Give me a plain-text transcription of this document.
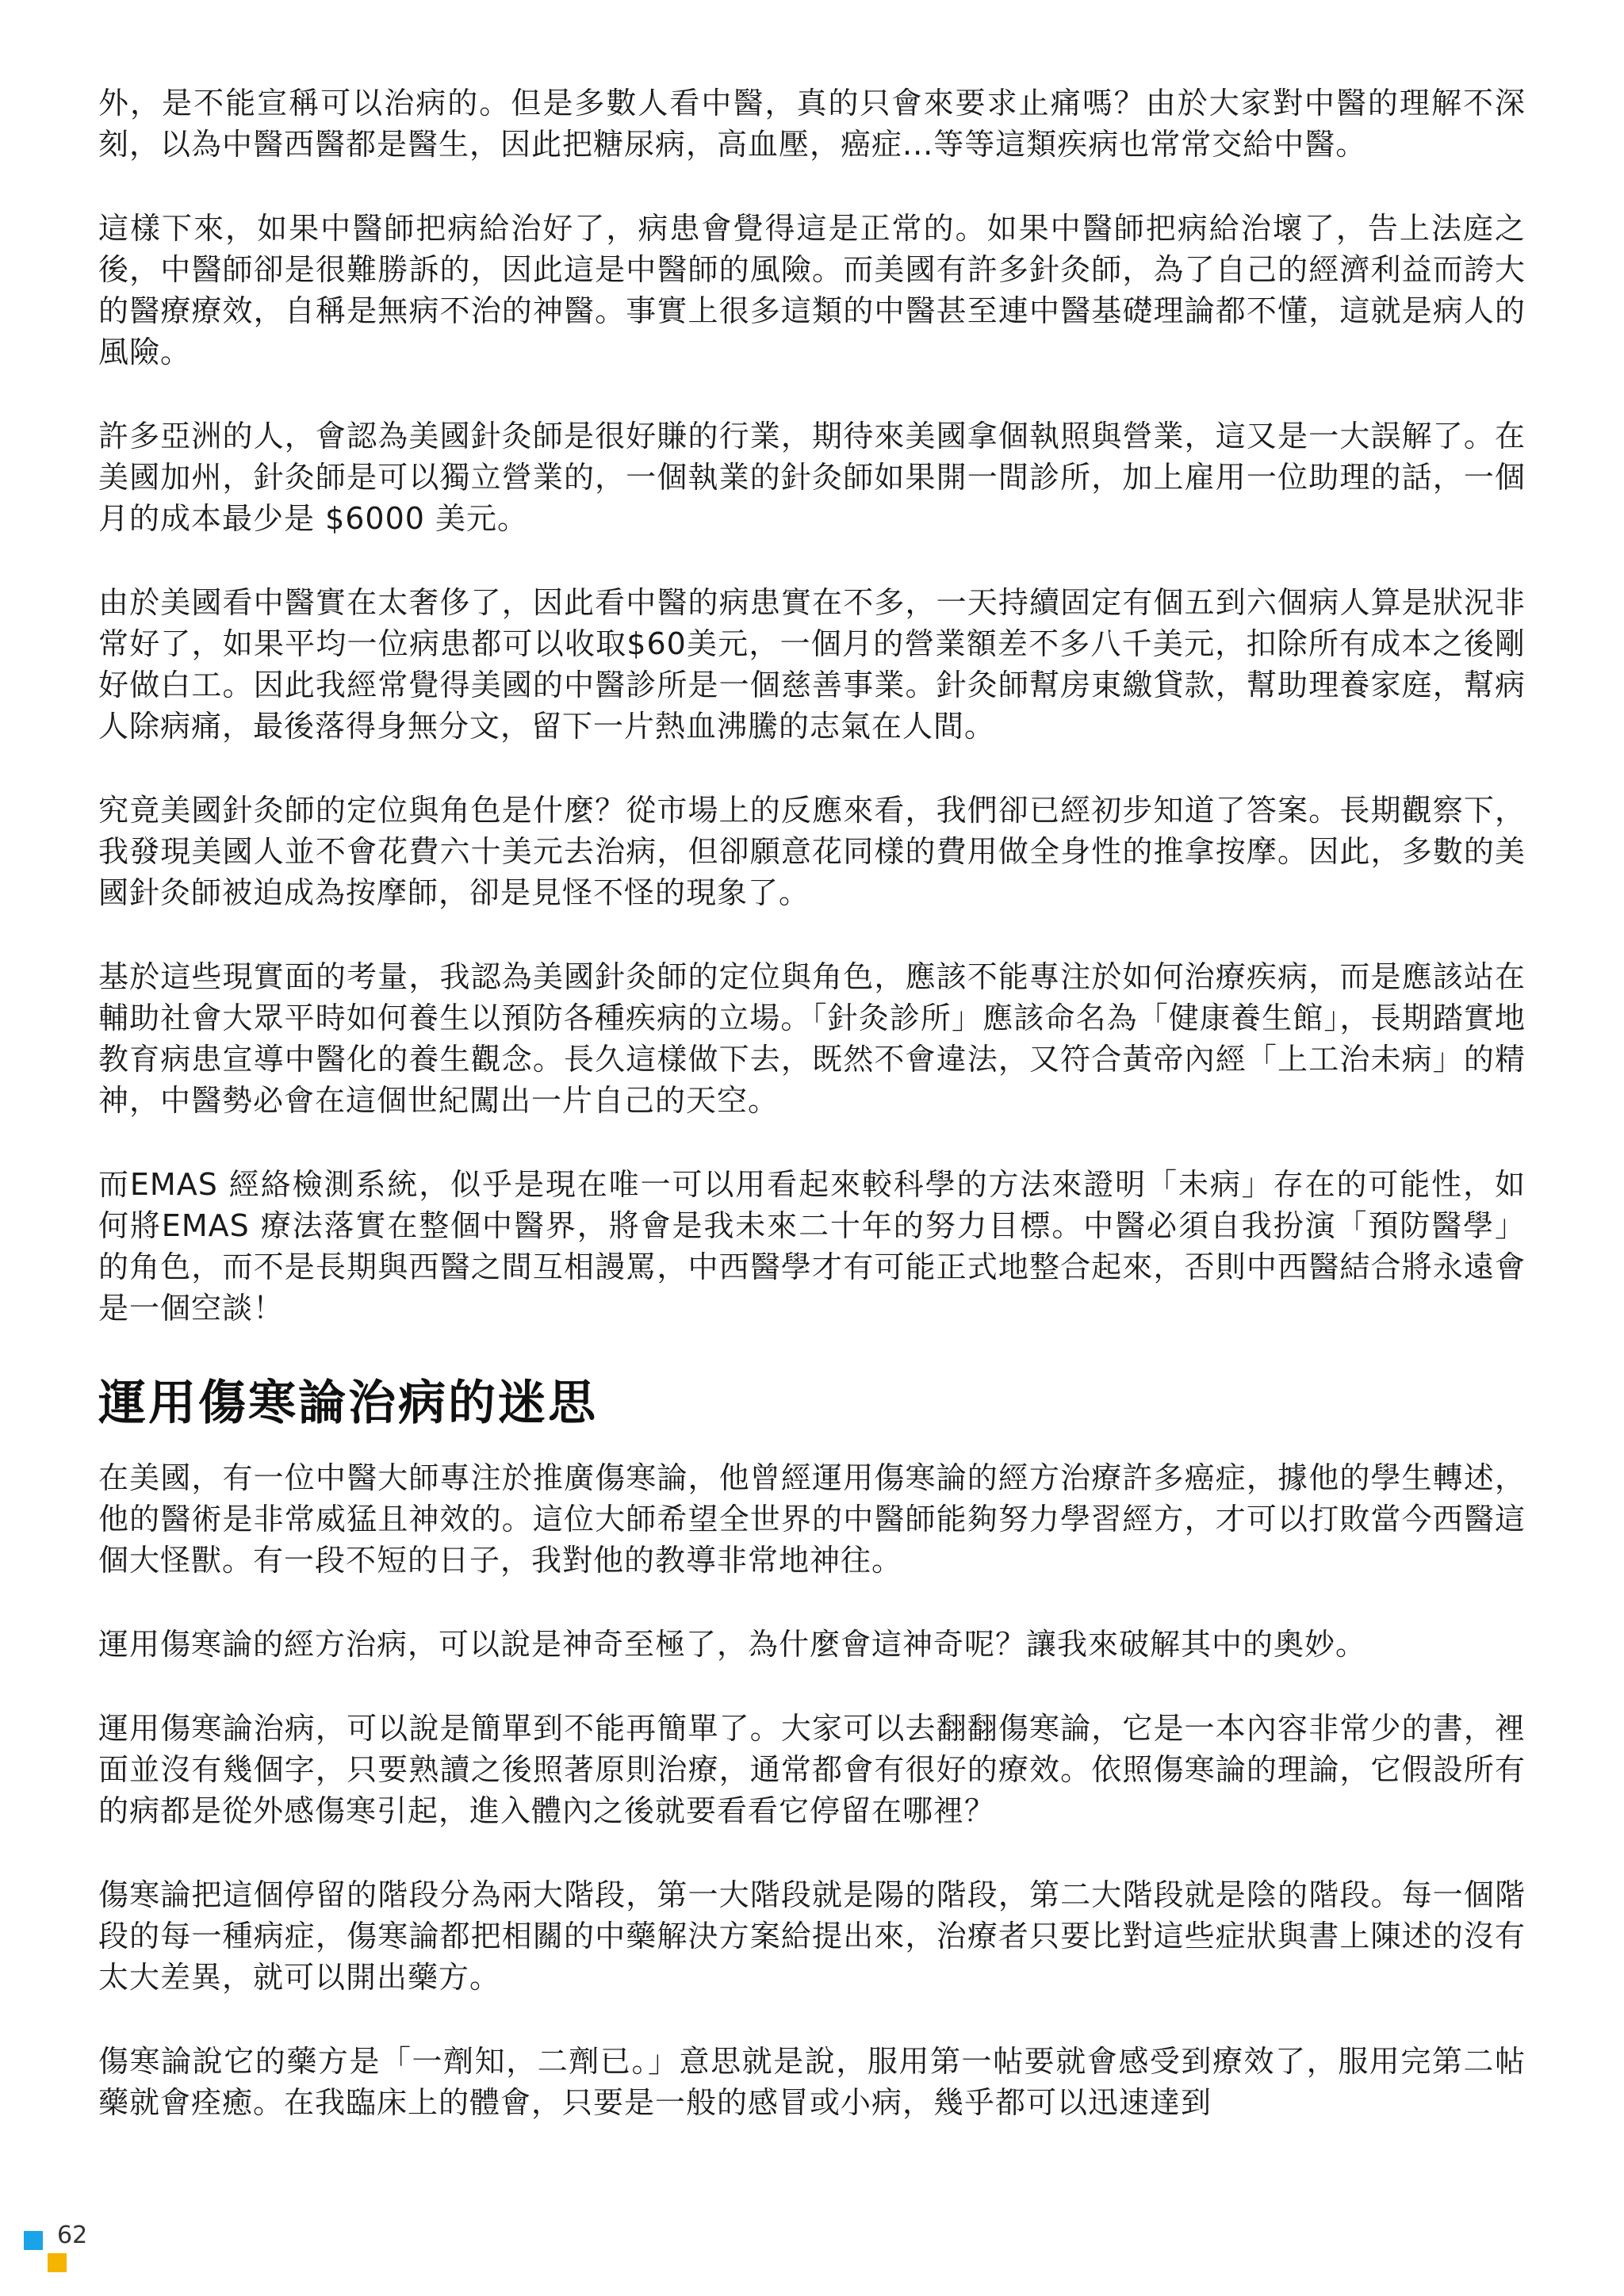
外，是不能宣稱可以治病的。但是多數人看中醫，真的只會來要求止痛嗎？由於大家對中醫的理解不深刻，以為中醫西醫都是醫生，因此把糖尿病，高血壓，癌症...等等這類疾病也常常交給中醫。

這樣下來，如果中醫師把病給治好了，病患會覺得這是正常的。如果中醫師把病給治壞了，告上法庭之後，中醫師卻是很難勝訴的，因此這是中醫師的風險。而美國有許多針灸師，為了自己的經濟利益而誇大的醫療療效，自稱是無病不治的神醫。事實上很多這類的中醫甚至連中醫基礎理論都不懂，這就是病人的風險。

許多亞洲的人，會認為美國針灸師是很好賺的行業，期待來美國拿個執照與營業，這又是一大誤解了。在美國加州，針灸師是可以獨立營業的，一個執業的針灸師如果開一間診所，加上雇用一位助理的話，一個月的成本最少是 $6000 美元。

由於美國看中醫實在太奢侈了，因此看中醫的病患實在不多，一天持續固定有個五到六個病人算是狀況非常好了，如果平均一位病患都可以收取$60美元，一個月的營業額差不多八千美元，扣除所有成本之後剛好做白工。因此我經常覺得美國的中醫診所是一個慈善事業。針灸師幫房東繳貸款，幫助理養家庭，幫病人除病痛，最後落得身無分文，留下一片熱血沸騰的志氣在人間。

究竟美國針灸師的定位與角色是什麼？從市場上的反應來看，我們卻已經初步知道了答案。長期觀察下，我發現美國人並不會花費六十美元去治病，但卻願意花同樣的費用做全身性的推拿按摩。因此，多數的美國針灸師被迫成為按摩師，卻是見怪不怪的現象了。

基於這些現實面的考量，我認為美國針灸師的定位與角色，應該不能專注於如何治療疾病，而是應該站在輔助社會大眾平時如何養生以預防各種疾病的立場。「針灸診所」應該命名為「健康養生館」，長期踏實地教育病患宣導中醫化的養生觀念。長久這樣做下去，既然不會違法，又符合黃帝內經「上工治未病」的精神，中醫勢必會在這個世紀闖出一片自己的天空。

而EMAS 經絡檢測系統，似乎是現在唯一可以用看起來較科學的方法來證明「未病」存在的可能性，如何將EMAS 療法落實在整個中醫界，將會是我未來二十年的努力目標。中醫必須自我扮演「預防醫學」的角色，而不是長期與西醫之間互相謾罵，中西醫學才有可能正式地整合起來，否則中西醫結合將永遠會是一個空談！

運用傷寒論治病的迷思

在美國，有一位中醫大師專注於推廣傷寒論，他曾經運用傷寒論的經方治療許多癌症，據他的學生轉述，他的醫術是非常威猛且神效的。這位大師希望全世界的中醫師能夠努力學習經方，才可以打敗當今西醫這個大怪獸。有一段不短的日子，我對他的教導非常地神往。

運用傷寒論的經方治病，可以說是神奇至極了，為什麼會這神奇呢？讓我來破解其中的奧妙。

運用傷寒論治病，可以說是簡單到不能再簡單了。大家可以去翻翻傷寒論，它是一本內容非常少的書，裡面並沒有幾個字，只要熟讀之後照著原則治療，通常都會有很好的療效。依照傷寒論的理論，它假設所有的病都是從外感傷寒引起，進入體內之後就要看看它停留在哪裡？

傷寒論把這個停留的階段分為兩大階段，第一大階段就是陽的階段，第二大階段就是陰的階段。每一個階段的每一種病症，傷寒論都把相關的中藥解決方案給提出來，治療者只要比對這些症狀與書上陳述的沒有太大差異，就可以開出藥方。

傷寒論說它的藥方是「一劑知，二劑已。」意思就是說，服用第一帖要就會感受到療效了，服用完第二帖藥就會痊癒。在我臨床上的體會，只要是一般的感冒或小病，幾乎都可以迅速達到

62
